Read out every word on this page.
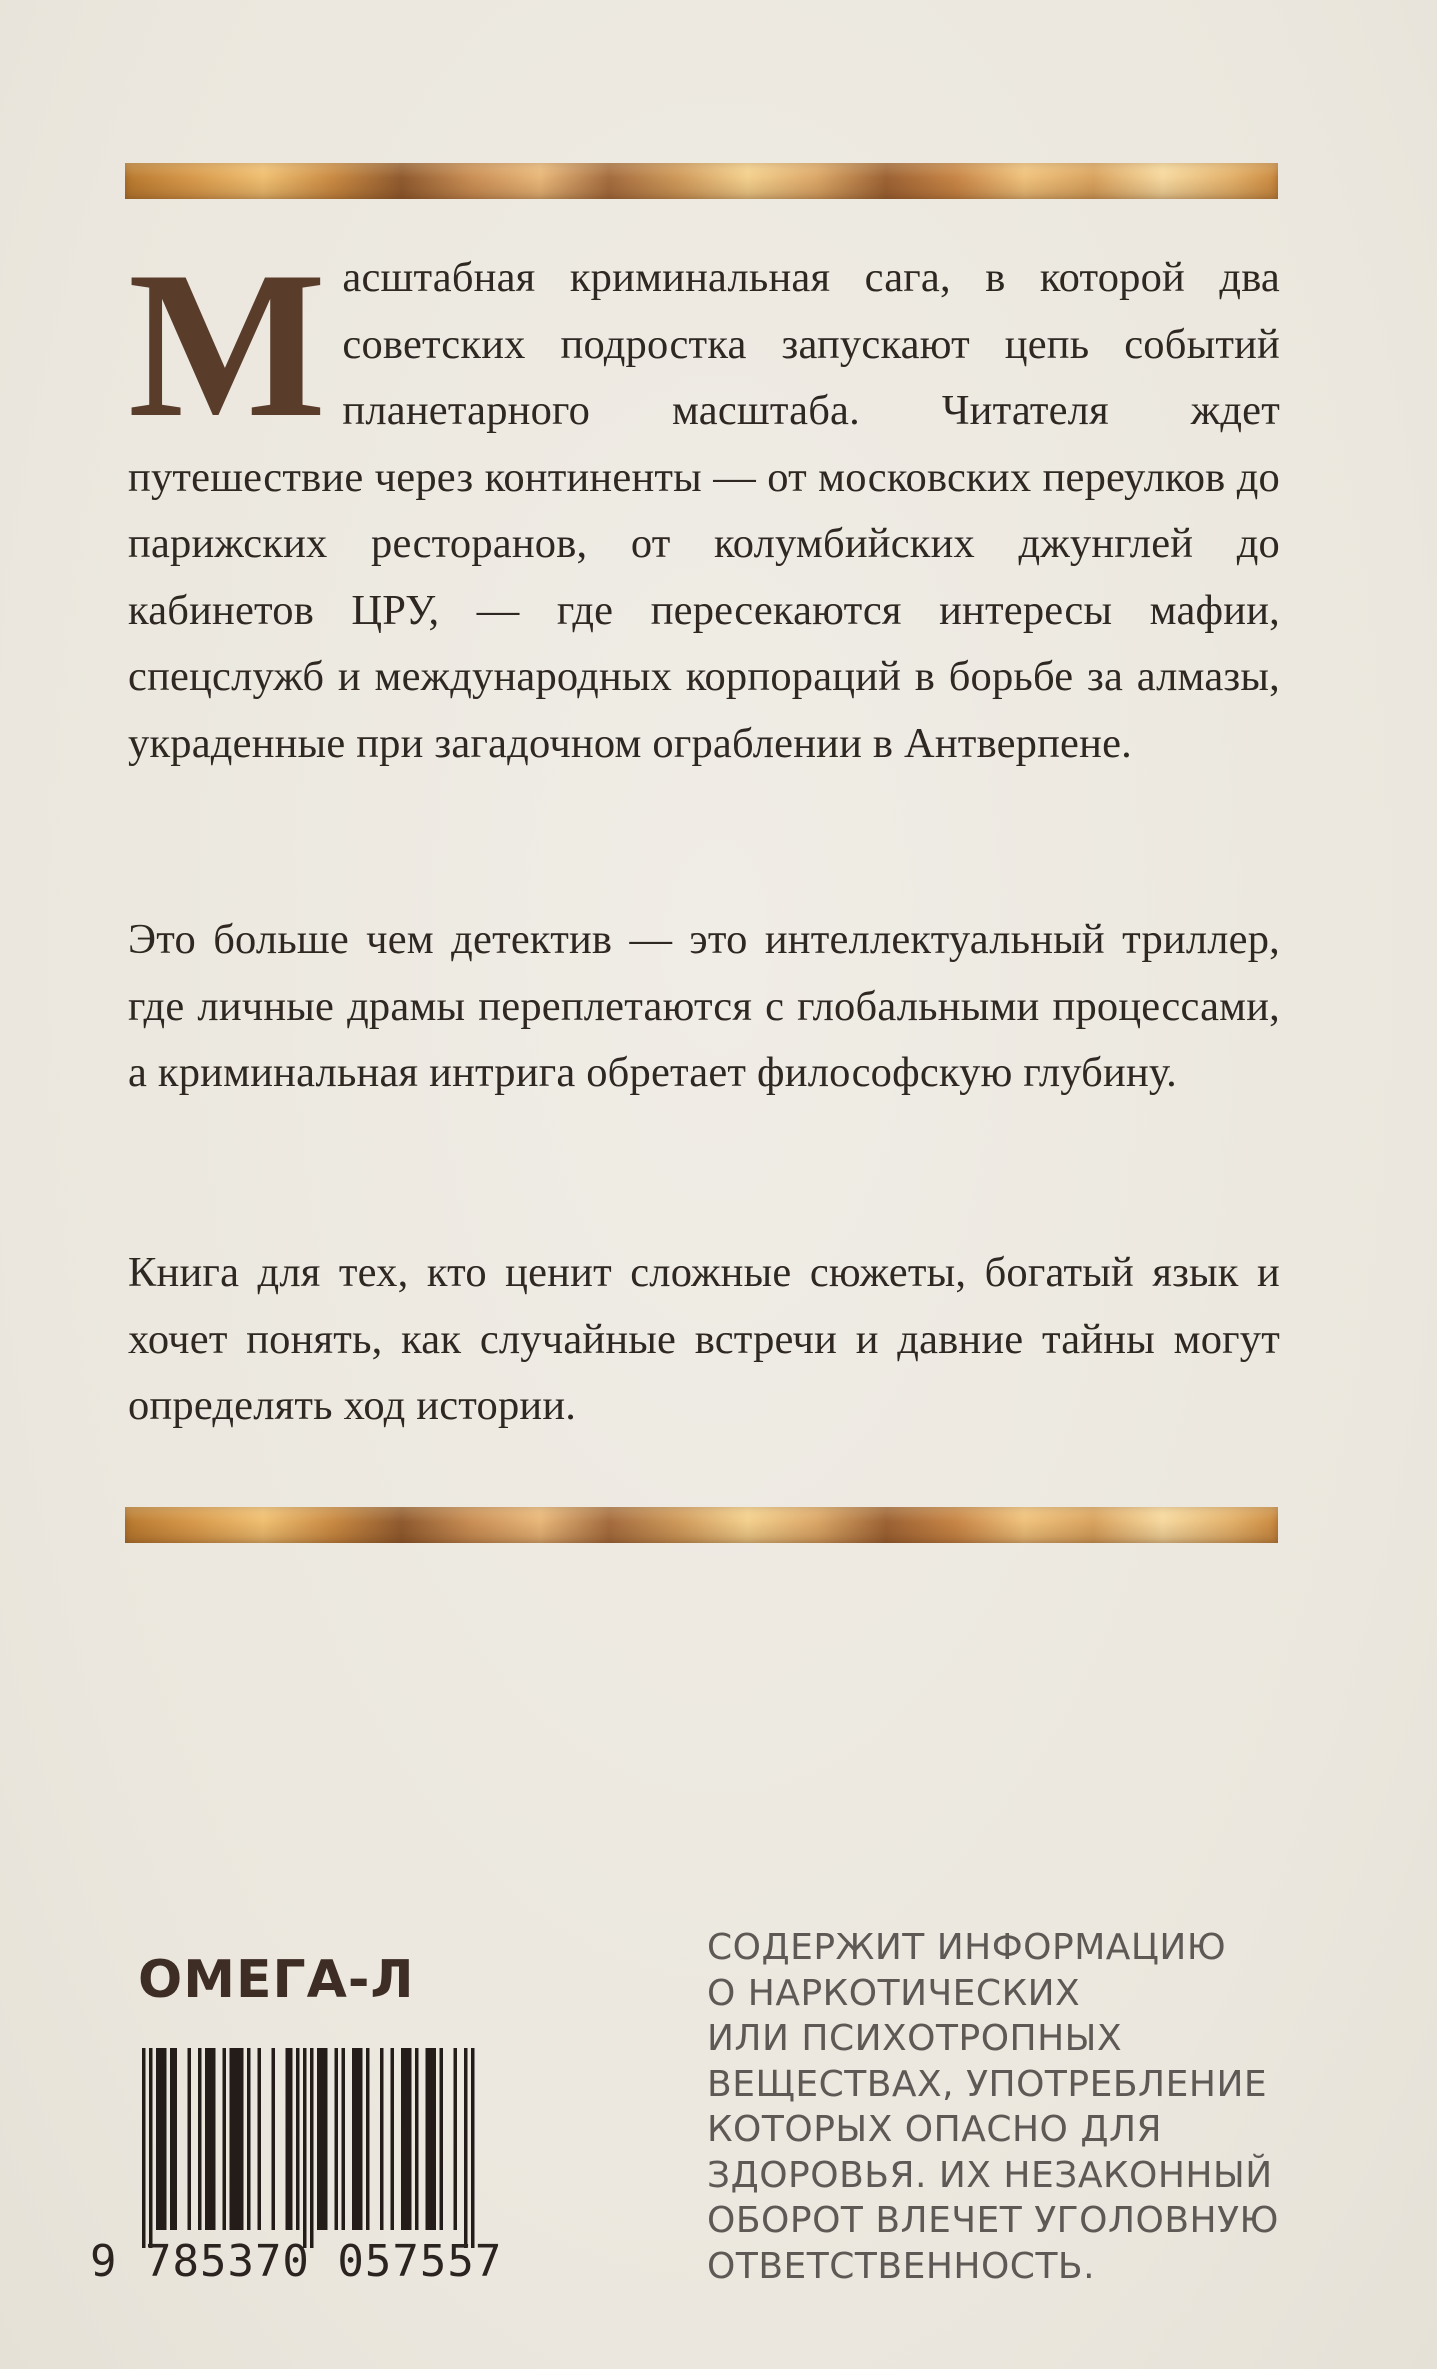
Масштабная криминальная сага, в которой два советских подростка запускают цепь событий планетарного масштаба. Читателя ждет путешествие через континенты — от московских переулков до парижских ресторанов, от колумбийских джунглей до кабинетов ЦРУ, — где пересекаются интересы мафии, спецслужб и международных корпораций в борьбе за алмазы, украденные при загадочном ограблении в Антверпене.
Это больше чем детектив — это интеллектуальный триллер, где личные драмы переплетаются с глобальными процессами, а криминальная интрига обретает философскую глубину.
Книга для тех, кто ценит сложные сюжеты, богатый язык и хочет понять, как случайные встречи и давние тайны могут определять ход истории.
ОМЕГА-Л
9 785370 057557
СОДЕРЖИТ ИНФОРМАЦИЮ
О НАРКОТИЧЕСКИХ
ИЛИ ПСИХОТРОПНЫХ
ВЕЩЕСТВАХ, УПОТРЕБЛЕНИЕ
КОТОРЫХ ОПАСНО ДЛЯ
ЗДОРОВЬЯ. ИХ НЕЗАКОННЫЙ
ОБОРОТ ВЛЕЧЕТ УГОЛОВНУЮ
ОТВЕТСТВЕННОСТЬ.
